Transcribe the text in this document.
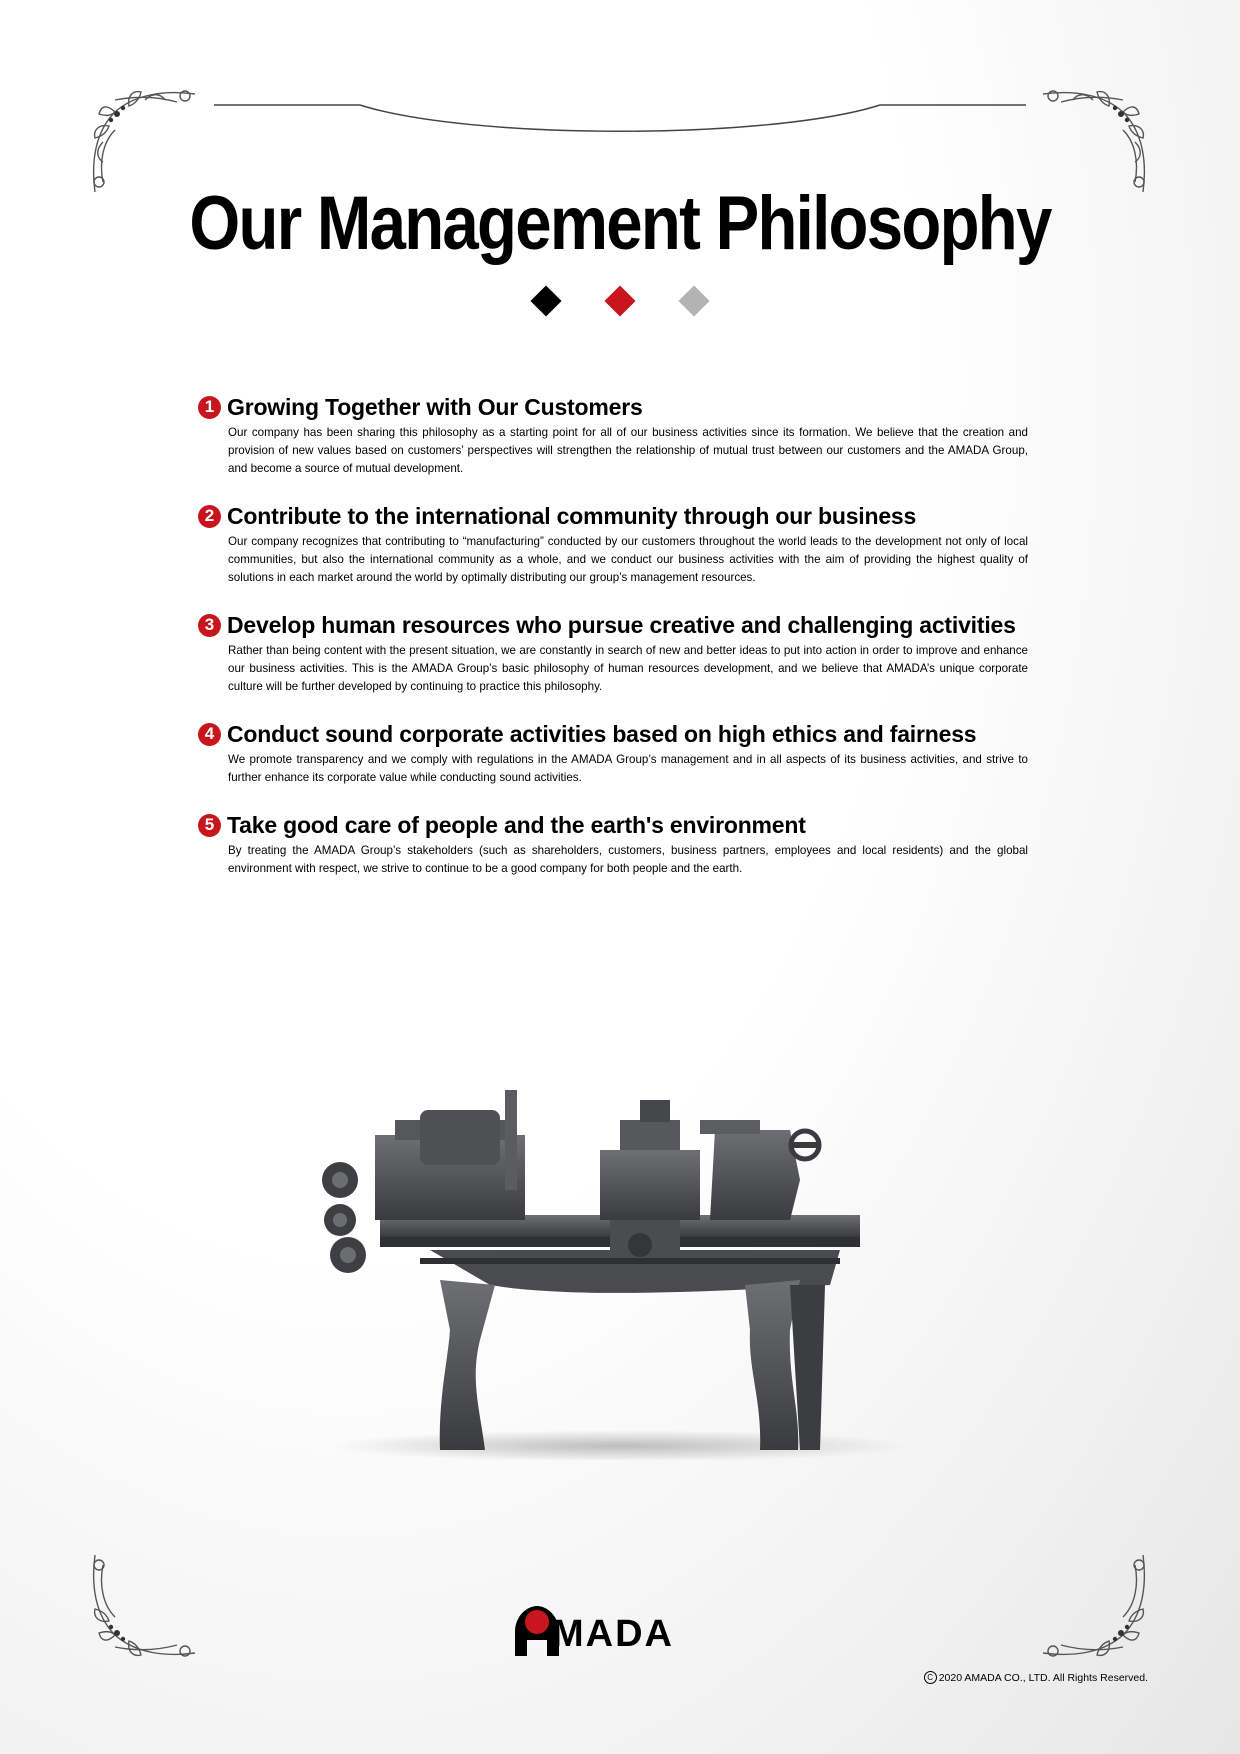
Our Management Philosophy
1 Growing Together with Our Customers

Our company has been sharing this philosophy as a starting point for all of our business activities since its formation. We believe that the creation and provision of new values based on customers’ perspectives will strengthen the relationship of mutual trust between our customers and the AMADA Group, and become a source of mutual development.

2 Contribute to the international community through our business

Our company recognizes that contributing to “manufacturing” conducted by our customers throughout the world leads to the development not only of local communities, but also the international community as a whole, and we conduct our business activities with the aim of providing the highest quality of solutions in each market around the world by optimally distributing our group’s management resources.

3 Develop human resources who pursue creative and challenging activities

Rather than being content with the present situation, we are constantly in search of new and better ideas to put into action in order to improve and enhance our business activities. This is the AMADA Group’s basic philosophy of human resources development, and we believe that AMADA’s unique corporate culture will be further developed by continuing to practice this philosophy.

4 Conduct sound corporate activities based on high ethics and fairness

We promote transparency and we comply with regulations in the AMADA Group’s management and in all aspects of its business activities, and strive to further enhance its corporate value while conducting sound activities.

5 Take good care of people and the earth's environment

By treating the AMADA Group’s stakeholders (such as shareholders, customers, business partners, employees and local residents) and the global environment with respect, we strive to continue to be a good company for both people and the earth.

MADA
C 2020 AMADA CO., LTD. All Rights Reserved.
